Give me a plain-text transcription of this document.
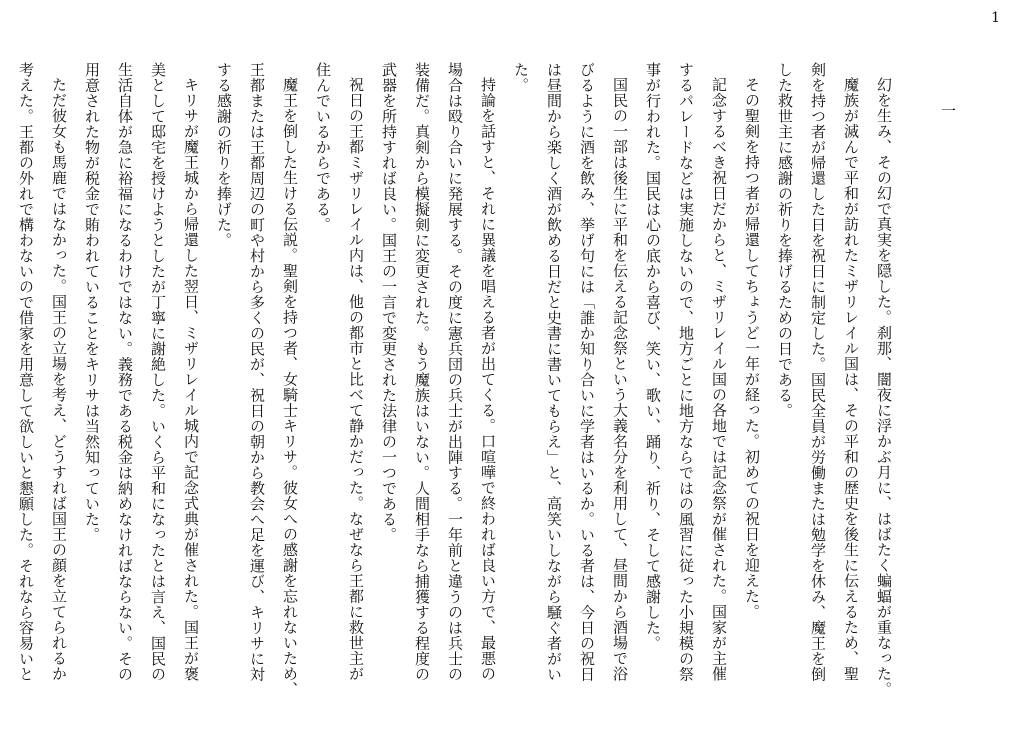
1
一
幻を生み、その幻で真実を隠した。刹那、闇夜に浮かぶ月に、はばたく蝙蝠が重なった。
魔族が滅んで平和が訪れたミザリレイル国は、その平和の歴史を後生に伝えるため、聖
剣を持つ者が帰還した日を祝日に制定した。国民全員が労働または勉学を休み、魔王を倒
した救世主に感謝の祈りを捧げるための日である。
その聖剣を持つ者が帰還してちょうど一年が経った。初めての祝日を迎えた。
記念するべき祝日だからと、ミザリレイル国の各地では記念祭が催された。国家が主催
するパレードなどは実施しないので、地方ごとに地方ならではの風習に従った小規模の祭
事が行われた。国民は心の底から喜び、笑い、歌い、踊り、祈り、そして感謝した。
国民の一部は後生に平和を伝える記念祭という大義名分を利用して、昼間から酒場で浴
びるように酒を飲み、挙げ句には「誰か知り合いに学者はいるか。いる者は、今日の祝日
は昼間から楽しく酒が飲める日だと史書に書いてもらえ」と、高笑いしながら騒ぐ者がい
た。
持論を話すと、それに異議を唱える者が出てくる。口喧嘩で終われば良い方で、最悪の
場合は殴り合いに発展する。その度に憲兵団の兵士が出陣する。一年前と違うのは兵士の
装備だ。真剣から模擬剣に変更された。もう魔族はいない。人間相手なら捕獲する程度の
武器を所持すれば良い。国王の一言で変更された法律の一つである。
祝日の王都ミザリレイル内は、他の都市と比べて静かだった。なぜなら王都に救世主が
住んでいるからである。
魔王を倒した生ける伝説。聖剣を持つ者、女騎士キリサ。彼女への感謝を忘れないため、
王都または王都周辺の町や村から多くの民が、祝日の朝から教会へ足を運び、キリサに対
する感謝の祈りを捧げた。
キリサが魔王城から帰還した翌日、ミザリレイル城内で記念式典が催された。国王が褒
美として邸宅を授けようとしたが丁寧に謝絶した。いくら平和になったとは言え、国民の
生活自体が急に裕福になるわけではない。義務である税金は納めなければならない。その
用意された物が税金で賄われていることをキリサは当然知っていた。
ただ彼女も馬鹿ではなかった。国王の立場を考え、どうすれば国王の顔を立てられるか
考えた。王都の外れで構わないので借家を用意して欲しいと懇願した。それなら容易いと
